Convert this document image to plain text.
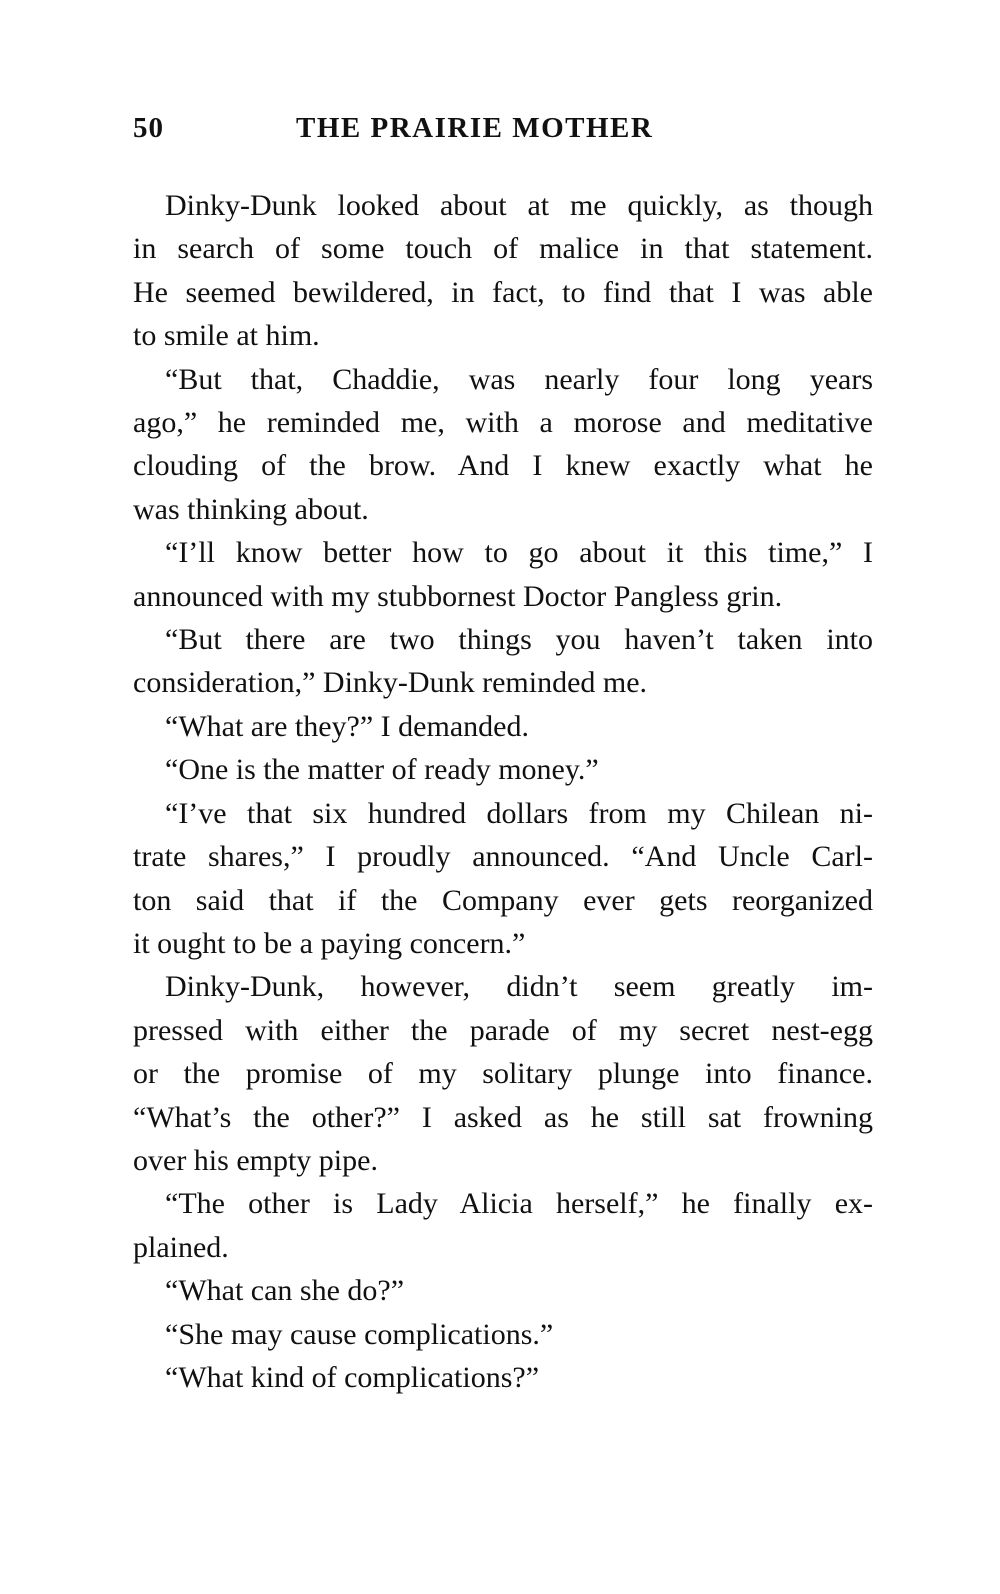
50	THE PRAIRIE MOTHER
Dinky-Dunk looked about at me quickly, as though
in search of some touch of malice in that statement.
He seemed bewildered, in fact, to find that I was able
to smile at him.
“But that, Chaddie, was nearly four long years
ago,” he reminded me, with a morose and meditative
clouding of the brow. And I knew exactly what he
was thinking about.
“I’ll know better how to go about it this time,” I
announced with my stubbornest Doctor Pangless grin.
“But there are two things you haven’t taken into
consideration,” Dinky-Dunk reminded me.
“What are they?” I demanded.
“One is the matter of ready money.”
“I’ve that six hundred dollars from my Chilean ni-
trate shares,” I proudly announced. “And Uncle Carl-
ton said that if the Company ever gets reorganized
it ought to be a paying concern.”
Dinky-Dunk, however, didn’t seem greatly im-
pressed with either the parade of my secret nest-egg
or the promise of my solitary plunge into finance.
“What’s the other?” I asked as he still sat frowning
over his empty pipe.
“The other is Lady Alicia herself,” he finally ex-
plained.
“What can she do?”
“She may cause complications.”
“What kind of complications?”
